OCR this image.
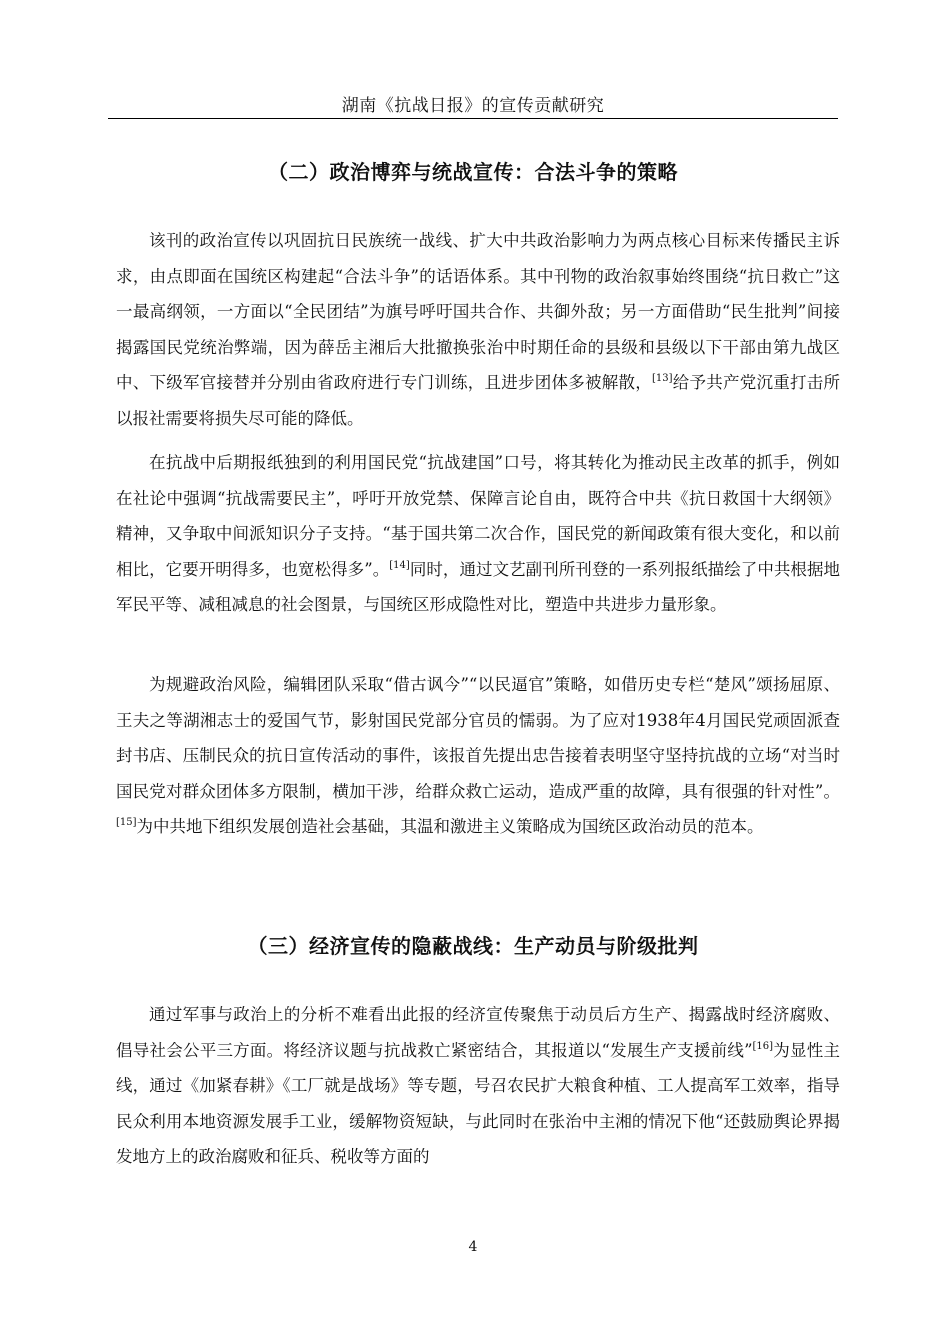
湖南《抗战日报》的宣传贡献研究
（二）政治博弈与统战宣传：合法斗争的策略

该刊的政治宣传以巩固抗日民族统一战线、扩大中共政治影响力为两点核心目标来传播民主诉求，由点即面在国统区构建起“合法斗争”的话语体系。其中刊物的政治叙事始终围绕“抗日救亡”这一最高纲领，一方面以“全民团结”为旗号呼吁国共合作、共御外敌；另一方面借助“民生批判”间接揭露国民党统治弊端，因为薛岳主湘后大批撤换张治中时期任命的县级和县级以下干部由第九战区中、下级军官接替并分别由省政府进行专门训练，且进步团体多被解散，[13]给予共产党沉重打击所以报社需要将损失尽可能的降低。

在抗战中后期报纸独到的利用国民党“抗战建国”口号，将其转化为推动民主改革的抓手，例如在社论中强调“抗战需要民主”，呼吁开放党禁、保障言论自由，既符合中共《抗日救国十大纲领》精神，又争取中间派知识分子支持。“基于国共第二次合作，国民党的新闻政策有很大变化，和以前相比，它要开明得多，也宽松得多”。[14]同时，通过文艺副刊所刊登的一系列报纸描绘了中共根据地军民平等、减租减息的社会图景，与国统区形成隐性对比，塑造中共进步力量形象。

为规避政治风险，编辑团队采取“借古讽今”“以民逼官”策略，如借历史专栏“楚风”颂扬屈原、王夫之等湖湘志士的爱国气节，影射国民党部分官员的懦弱。为了应对1938年4月国民党顽固派查封书店、压制民众的抗日宣传活动的事件，该报首先提出忠告接着表明坚守坚持抗战的立场“对当时国民党对群众团体多方限制，横加干涉，给群众救亡运动，造成严重的故障，具有很强的针对性”。[15]为中共地下组织发展创造社会基础，其温和激进主义策略成为国统区政治动员的范本。

（三）经济宣传的隐蔽战线：生产动员与阶级批判

通过军事与政治上的分析不难看出此报的经济宣传聚焦于动员后方生产、揭露战时经济腐败、倡导社会公平三方面。将经济议题与抗战救亡紧密结合，其报道以“发展生产支援前线”[16]为显性主线，通过《加紧春耕》《工厂就是战场》等专题，号召农民扩大粮食种植、工人提高军工效率，指导民众利用本地资源发展手工业，缓解物资短缺，与此同时在张治中主湘的情况下他“还鼓励舆论界揭发地方上的政治腐败和征兵、税收等方面的

4
